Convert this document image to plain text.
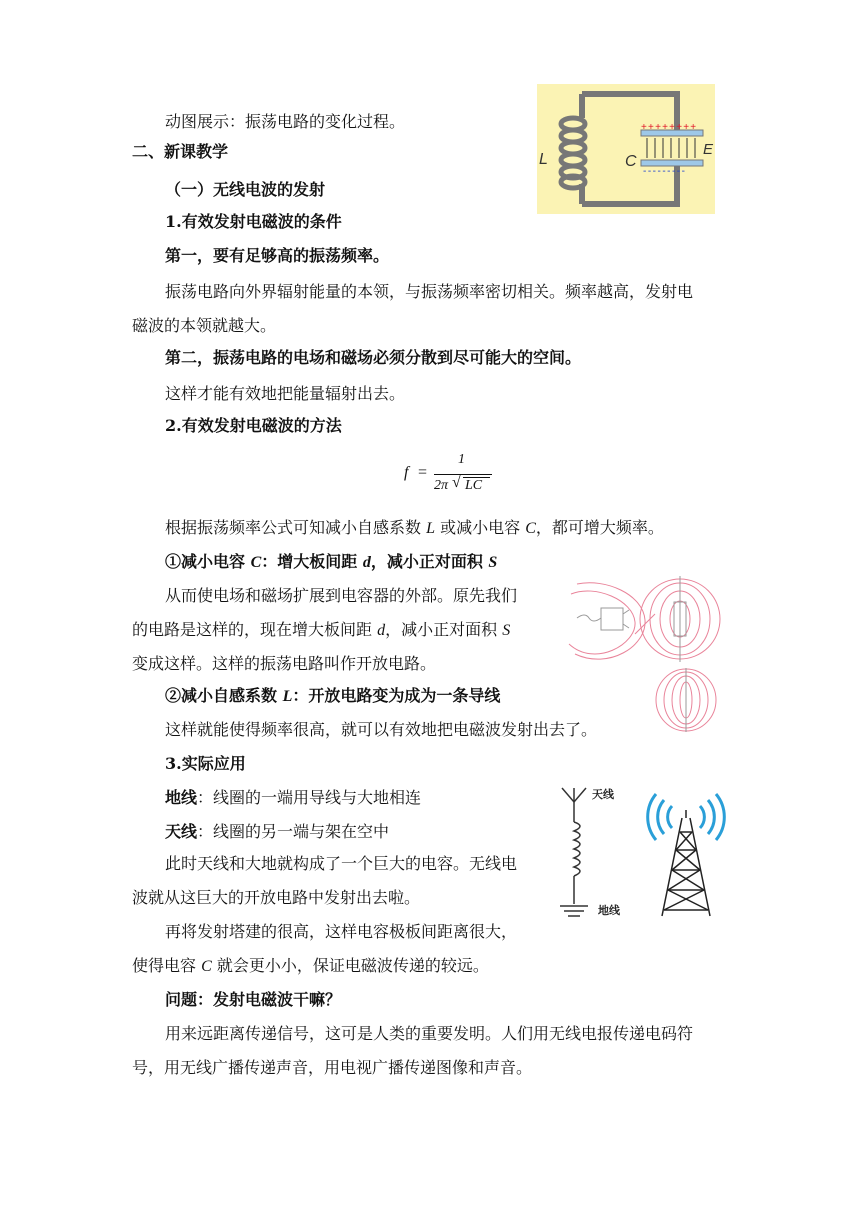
动图展示：振荡电路的变化过程。
二、新课教学
（一）无线电波的发射
1.有效发射电磁波的条件
第一，要有足够高的振荡频率。
振荡电路向外界辐射能量的本领，与振荡频率密切相关。频率越高，发射电
磁波的本领就越大。
第二，振荡电路的电场和磁场必须分散到尽可能大的空间。
这样才能有效地把能量辐射出去。
2.有效发射电磁波的方法
f =
1
2π √ LC
根据振荡频率公式可知减小自感系数 L 或减小电容 C，都可增大频率。
①减小电容 C：增大板间距 d，减小正对面积 S
从而使电场和磁场扩展到电容器的外部。原先我们
的电路是这样的，现在增大板间距 d，减小正对面积 S
变成这样。这样的振荡电路叫作开放电路。
②减小自感系数 L：开放电路变为成为一条导线
这样就能使得频率很高，就可以有效地把电磁波发射出去了。
3.实际应用
地线：线圈的一端用导线与大地相连
天线：线圈的另一端与架在空中
此时天线和大地就构成了一个巨大的电容。无线电
波就从这巨大的开放电路中发射出去啦。
再将发射塔建的很高，这样电容极板间距离很大，
使得电容 C 就会更小小，保证电磁波传递的较远。
问题：发射电磁波干嘛？
用来远距离传递信号，这可是人类的重要发明。人们用无线电报传递电码符
号，用无线广播传递声音，用电视广播传递图像和声音。
L
++++++++
---------
C
E
天线
地线
